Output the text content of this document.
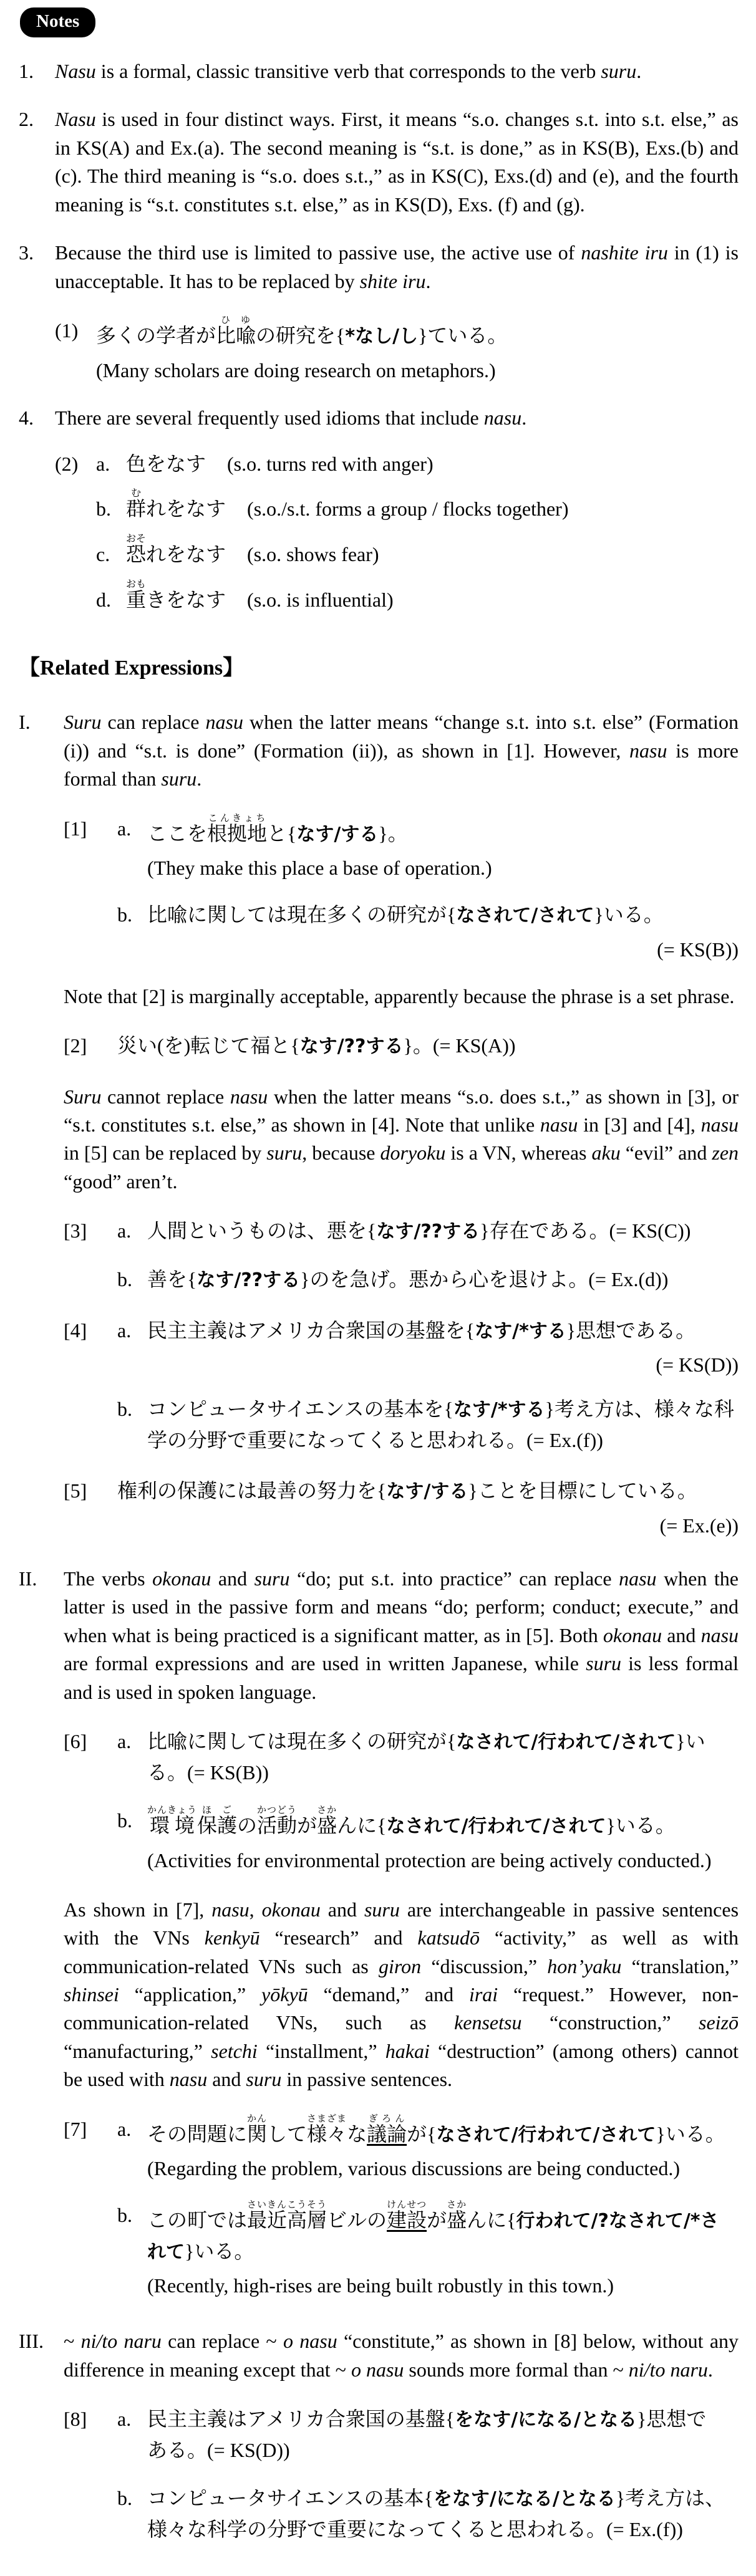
Notes
1.	Nasu is a formal, classic transitive verb that corresponds to the verb suru.

2.	Nasu is used in four distinct ways. First, it means “s.o. changes s.t. into s.t. else,” as in KS(A) and Ex.(a). The second meaning is “s.t. is done,” as in KS(B), Exs.(b) and (c). The third meaning is “s.o. does s.t.,” as in KS(C), Exs.(d) and (e), and the fourth meaning is “s.t. constitutes s.t. else,” as in KS(D), Exs. (f) and (g).

3.	Because the third use is limited to passive use, the active use of nashite iru in (1) is unacceptable. It has to be replaced by shite iru.

(1) 多くの学者が比喩ひゆの研究を{*なし/し}ている。
(Many scholars are doing research on metaphors.)
4.	There are several frequently used idioms that include nasu.

(2) a. 色をなす (s.o. turns red with anger)
b. 群むれをなす (s.o./s.t. forms a group / flocks together)
c. 恐おそれをなす (s.o. shows fear)
d. 重おもきをなす (s.o. is influential)
【Related Expressions】
I.	Suru can replace nasu when the latter means “change s.t. into s.t. else” (Formation (i)) and “s.t. is done” (Formation (ii)), as shown in [1]. However, nasu is more formal than suru.

[1]	a. ここを根拠地こんきょちと{なす/する}。
(They make this place a base of operation.)
b. 比喩に関しては現在多くの研究が{なされて/されて}いる。
(= KS(B))

Note that [2] is marginally acceptable, apparently because the phrase is a set phrase.

[2]	災い(を)転じて福と{なす/??する}。(= KS(A))

Suru cannot replace nasu when the latter means “s.o. does s.t.,” as shown in [3], or “s.t. constitutes s.t. else,” as shown in [4]. Note that unlike nasu in [3] and [4], nasu in [5] can be replaced by suru, because doryoku is a VN, whereas aku “evil” and zen “good” aren’t.

[3]	a. 人間というものは、悪を{なす/??する}存在である。(= KS(C))
b. 善を{なす/??する}のを急げ。悪から心を退けよ。(= Ex.(d))
[4]	a. 民主主義はアメリカ合衆国の基盤を{なす/*する}思想である。
(= KS(D))
b. コンピュータサイエンスの基本を{なす/*する}考え方は、様々な科
学の分野で重要になってくると思われる。(= Ex.(f))
[5]	権利の保護には最善の努力を{なす/する}ことを目標にしている。
(= Ex.(e))
II.	The verbs okonau and suru “do; put s.t. into practice” can replace nasu when the latter is used in the passive form and means “do; perform; conduct; execute,” and when what is being practiced is a significant matter, as in [5]. Both okonau and nasu are formal expressions and are used in written Japanese, while suru is less formal and is used in spoken language.

[6]	a. 比喩に関しては現在多くの研究が{なされて/行われて/されて}い
る。(= KS(B))
b. 環境かんきょう保護ほごの活動かつどうが盛さかんに{なされて/行われて/されて}いる。
(Activities for environmental protection are being actively conducted.)

As shown in [7], nasu, okonau and suru are interchangeable in passive sentences with the VNs kenkyū “research” and katsudō “activity,” as well as with communication-related VNs such as giron “discussion,” hon’yaku “translation,” shinsei “application,” yōkyū “demand,” and irai “request.” However, non-communication-related VNs, such as kensetsu “construction,” seizō “manufacturing,” setchi “installment,” hakai “destruction” (among others) cannot be used with nasu and suru in passive sentences.

[7]	a. その問題に関かんして様々さまざまな議論ぎろんが{なされて/行われて/されて}いる。
(Regarding the problem, various discussions are being conducted.)
b. この町では最近さいきん高層こうそうビルの建設けんせつが盛さかんに{行われて/?なされて/*さ
れて}いる。
(Recently, high-rises are being built robustly in this town.)
III.	~ ni/to naru can replace ~ o nasu “constitute,” as shown in [8] below, without any difference in meaning except that ~ o nasu sounds more formal than ~ ni/to naru.

[8]	a. 民主主義はアメリカ合衆国の基盤{をなす/になる/となる}思想で
ある。(= KS(D))
b. コンピュータサイエンスの基本{をなす/になる/となる}考え方は、
様々な科学の分野で重要になってくると思われる。(= Ex.(f))
